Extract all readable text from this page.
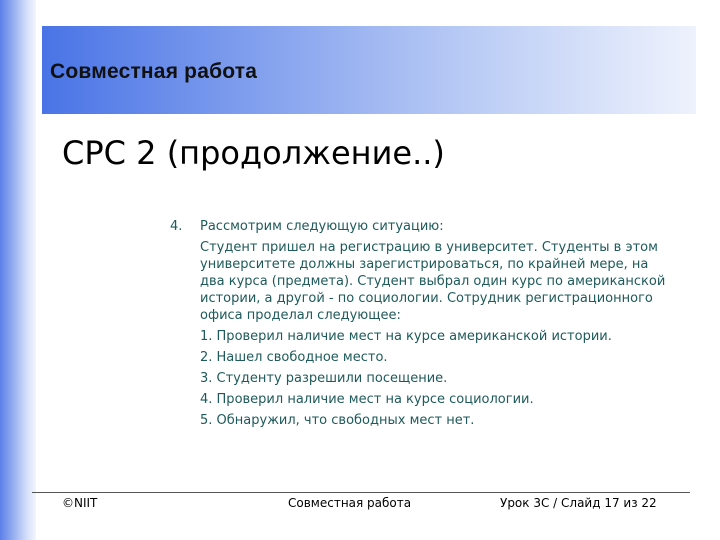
Совместная работа
СРС 2 (продолжение..)
4.	Рассмотрим следующую ситуацию:

Студент пришел на регистрацию в университет. Студенты в этом университете должны зарегистрироваться, по крайней мере, на два курса (предмета). Студент выбрал один курс по американской истории, а другой - по социологии. Сотрудник регистрационного офиса проделал следующее:

1. Проверил наличие мест на курсе американской истории.

2. Нашел свободное место.

3. Студенту разрешили посещение.

4. Проверил наличие мест на курсе социологии.

5. Обнаружил, что свободных мест нет.

©NIIT	Совместная работа	Урок 3C / Слайд 17 из 22
